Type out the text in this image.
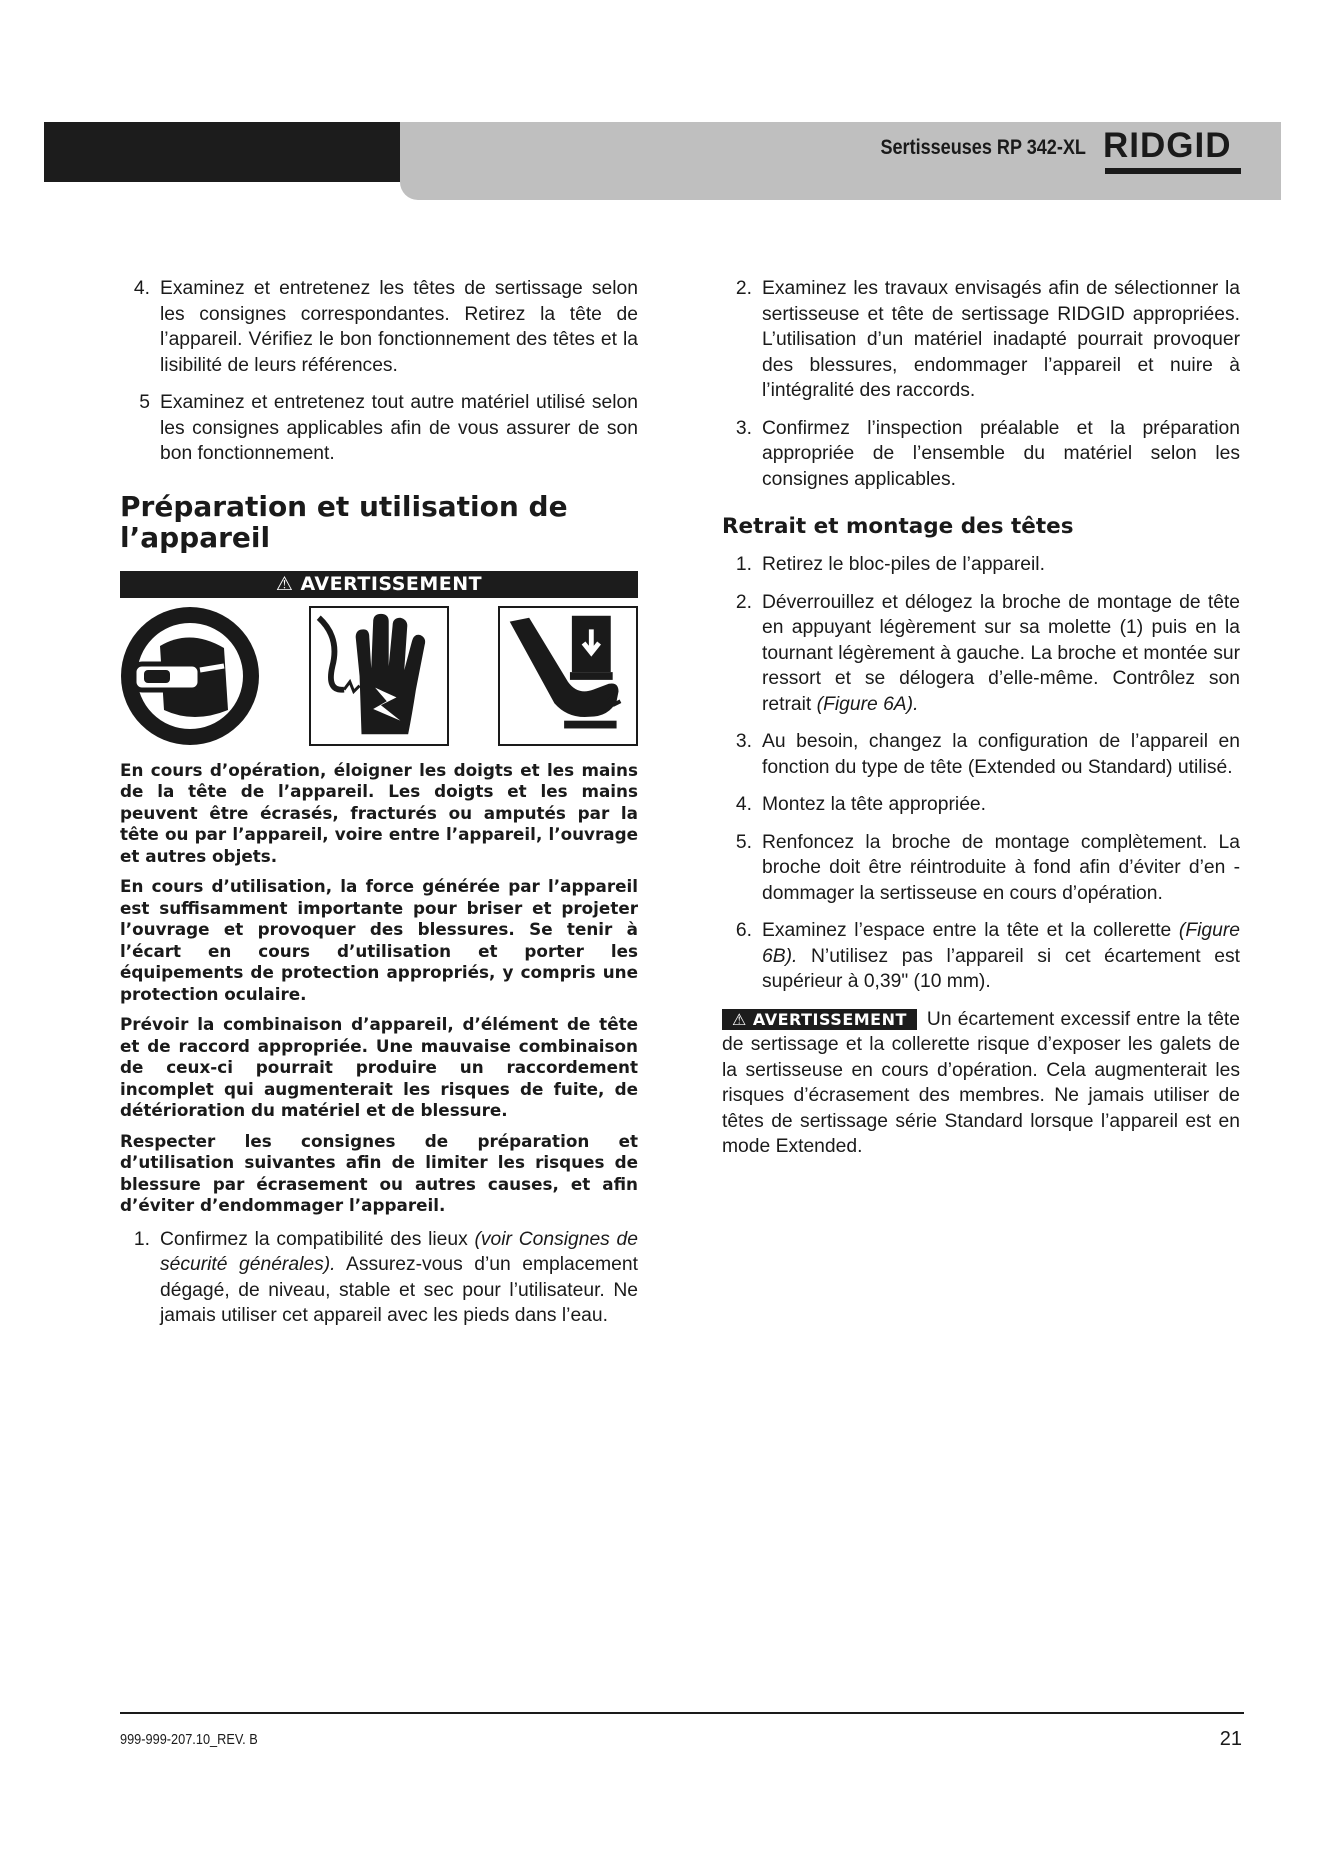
Sertisseuses RP 342-XL RIDGID
4. Examinez et entretenez les têtes de sertissage selon les consignes correspondantes. Retirez la tête de l’appareil. Vérifiez le bon fonctionnement des têtes et la lisibilité de leurs références.
5 Examinez et entretenez tout autre matériel utilisé selon les consignes applicables afin de vous assurer de son bon fonctionnement.
Préparation et utilisation de l’appareil
⚠ AVERTISSEMENT

En cours d’opération, éloigner les doigts et les mains de la tête de l’appareil. Les doigts et les mains peuvent être écrasés, fracturés ou amputés par la tête ou par l’appareil, voire entre l’appareil, l’ouvrage et autres objets.

En cours d’utilisation, la force générée par l’appareil est suffisamment importante pour briser et projeter l’ouvrage et provoquer des blessures. Se tenir à l’écart en cours d’utilisation et porter les équipements de protection appropriés, y compris une protection oculaire.

Prévoir la combinaison d’appareil, d’élément de tête et de raccord appropriée. Une mauvaise combinaison de ceux-ci pourrait produire un raccordement incomplet qui augmenterait les risques de fuite, de détérioration du matériel et de blessure.

Respecter les consignes de préparation et d’utilisation suivantes afin de limiter les risques de blessure par écrasement ou autres causes, et afin d’éviter d’endommager l’appareil.

1. Confirmez la compatibilité des lieux (voir Consignes de sécurité générales). Assurez-vous d’un emplacement dégagé, de niveau, stable et sec pour l’utilisateur. Ne jamais utiliser cet appareil avec les pieds dans l’eau.
2. Examinez les travaux envisagés afin de sélectionner la sertisseuse et tête de sertissage RIDGID appropriées. L’utilisation d’un matériel inadapté pourrait provoquer des blessures, endommager l’appareil et nuire à l’intégralité des raccords.
3. Confirmez l’inspection préalable et la préparation appropriée de l’ensemble du matériel selon les consignes applicables.
Retrait et montage des têtes
1. Retirez le bloc-piles de l’appareil.
2. Déverrouillez et délogez la broche de montage de tête en appuyant légèrement sur sa molette (1) puis en la tournant légèrement à gauche. La broche et montée sur ressort et se délogera d’elle-même. Contrôlez son retrait (Figure 6A).
3. Au besoin, changez la configuration de l’appareil en fonction du type de tête (Extended ou Standard) utilisé.
4. Montez la tête appropriée.
5. Renfoncez la broche de montage complètement. La broche doit être réintroduite à fond afin d’éviter d’en - dommager la sertisseuse en cours d’opération.
6. Examinez l’espace entre la tête et la collerette (Figure 6B). N’utilisez pas l’appareil si cet écartement est supérieur à 0,39" (10 mm).

⚠ AVERTISSEMENT Un écartement excessif entre la tête de sertissage et la collerette risque d’exposer les galets de la sertisseuse en cours d’opération. Cela augmenterait les risques d’écrasement des membres. Ne jamais utiliser de têtes de sertissage série Standard lorsque l’appareil est en mode Extended.

999-999-207.10_REV. B	21
